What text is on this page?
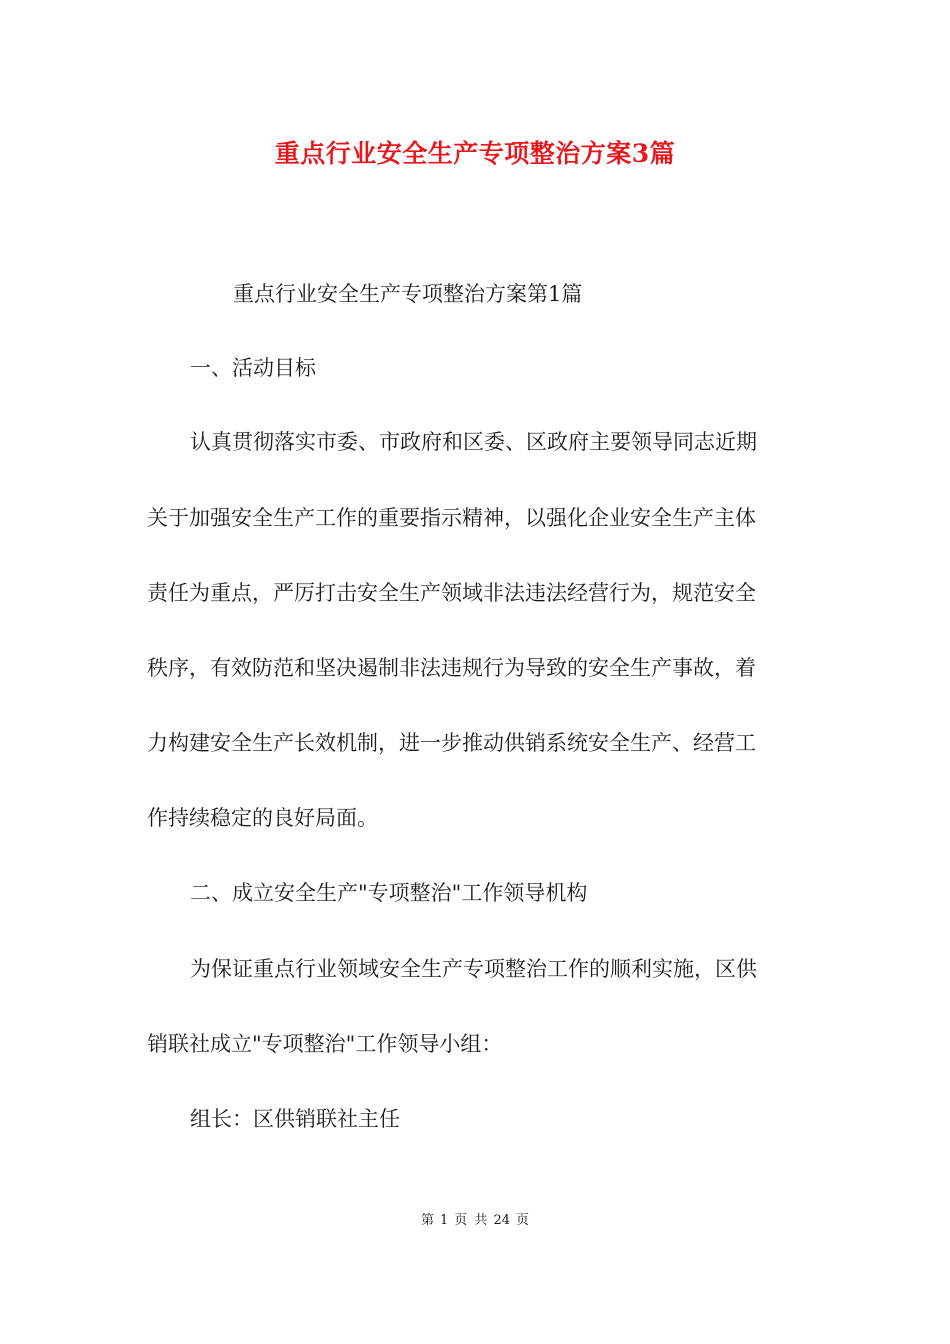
重点行业安全生产专项整治方案3篇

重点行业安全生产专项整治方案第1篇

一、活动目标

认真贯彻落实市委、市政府和区委、区政府主要领导同志近期

关于加强安全生产工作的重要指示精神，以强化企业安全生产主体

责任为重点，严厉打击安全生产领域非法违法经营行为，规范安全

秩序，有效防范和坚决遏制非法违规行为导致的安全生产事故，着

力构建安全生产长效机制，进一步推动供销系统安全生产、经营工

作持续稳定的良好局面。

二、成立安全生产"专项整治"工作领导机构

为保证重点行业领域安全生产专项整治工作的顺利实施，区供

销联社成立"专项整治"工作领导小组：

组长：区供销联社主任

第 1 页 共 24 页
